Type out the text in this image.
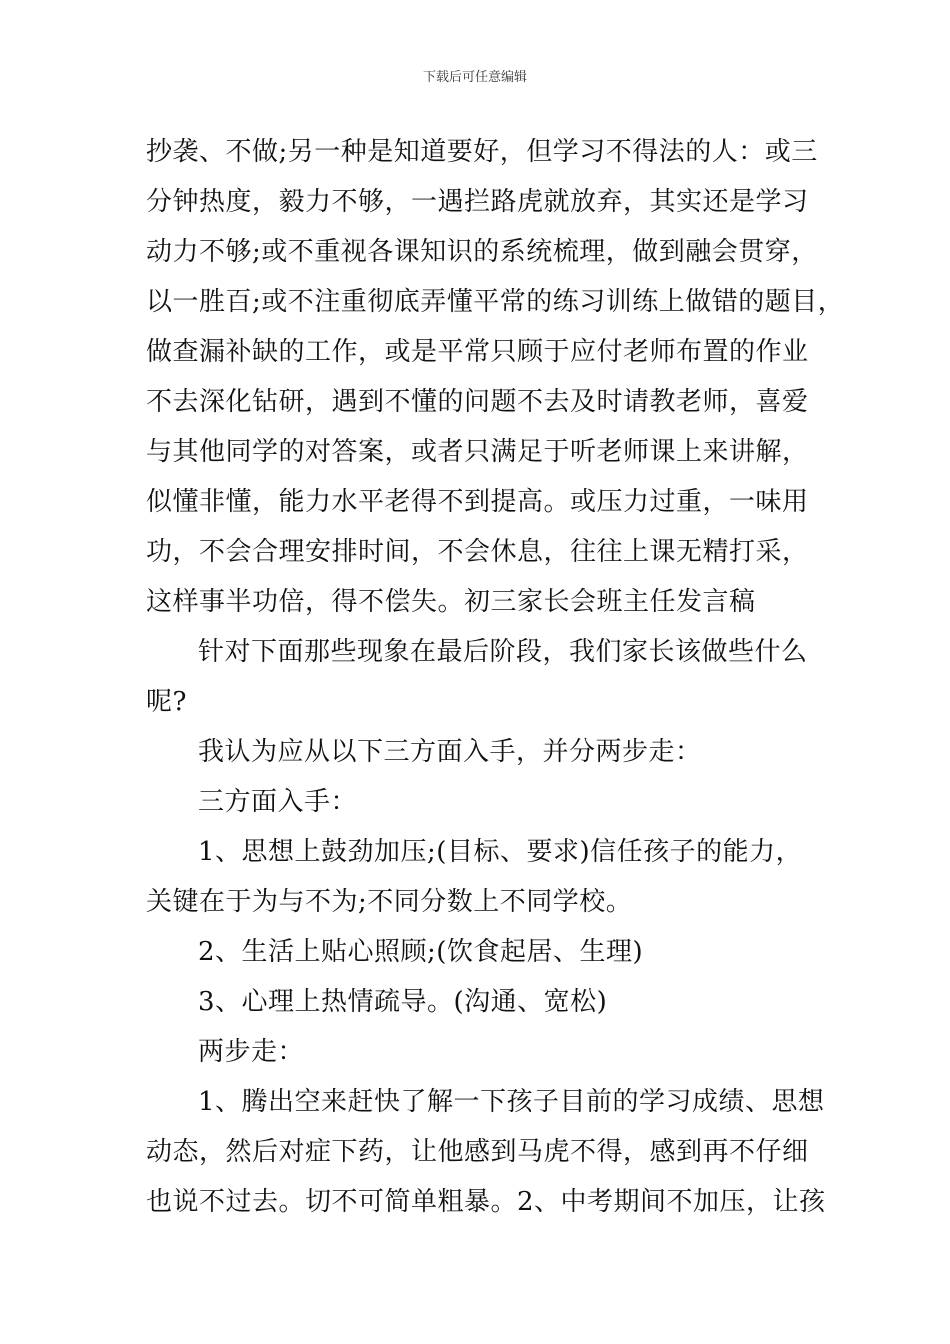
下载后可任意编辑
抄袭、不做;另一种是知道要好，但学习不得法的人：或三
分钟热度，毅力不够，一遇拦路虎就放弃，其实还是学习
动力不够;或不重视各课知识的系统梳理，做到融会贯穿，
以一胜百;或不注重彻底弄懂平常的练习训练上做错的题目，
做查漏补缺的工作，或是平常只顾于应付老师布置的作业
不去深化钻研，遇到不懂的问题不去及时请教老师，喜爱
与其他同学的对答案，或者只满足于听老师课上来讲解，
似懂非懂，能力水平老得不到提高。或压力过重，一味用
功，不会合理安排时间，不会休息，往往上课无精打采，
这样事半功倍，得不偿失。初三家长会班主任发言稿
针对下面那些现象在最后阶段，我们家长该做些什么
呢?
我认为应从以下三方面入手，并分两步走：
三方面入手：
1、思想上鼓劲加压;(目标、要求)信任孩子的能力，
关键在于为与不为;不同分数上不同学校。
2、生活上贴心照顾;(饮食起居、生理)
3、心理上热情疏导。(沟通、宽松)
两步走：
1、腾出空来赶快了解一下孩子目前的学习成绩、思想
动态，然后对症下药，让他感到马虎不得，感到再不仔细
也说不过去。切不可简单粗暴。2、中考期间不加压，让孩
